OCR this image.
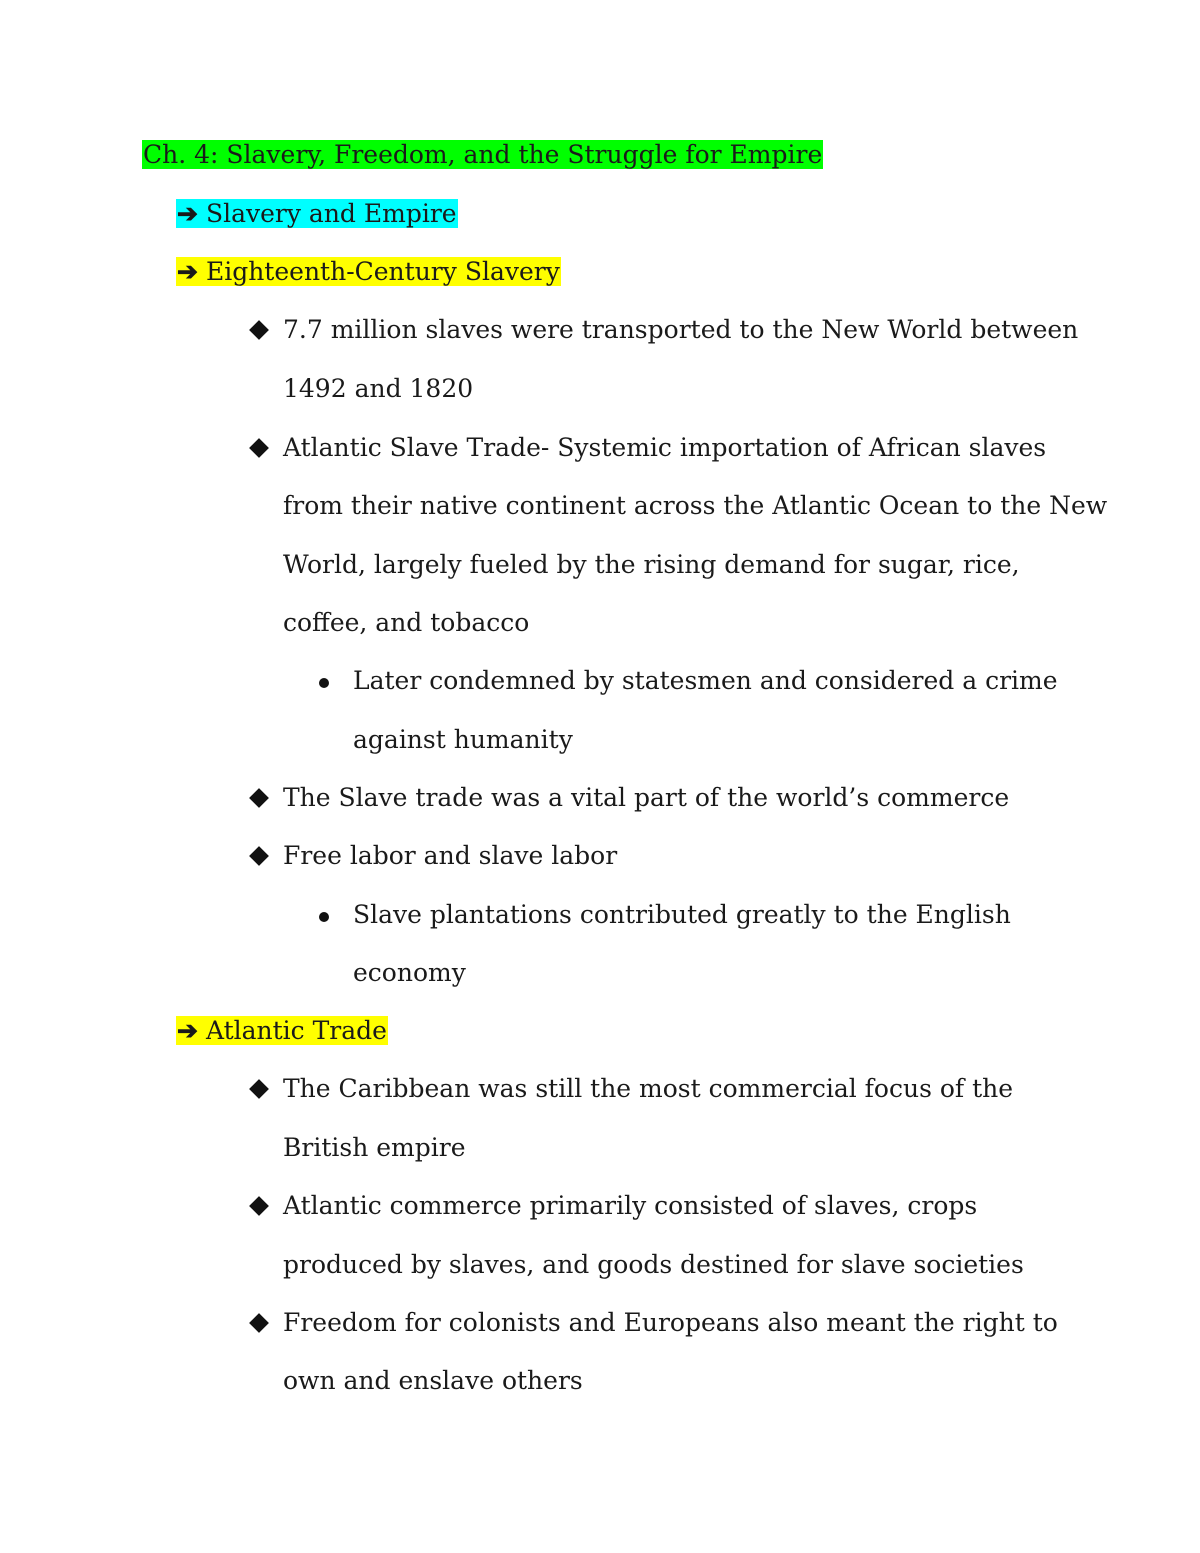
Ch. 4: Slavery, Freedom, and the Struggle for Empire
➔ Slavery and Empire
➔ Eighteenth-Century Slavery
7.7 million slaves were transported to the New World between
1492 and 1820
Atlantic Slave Trade- Systemic importation of African slaves
from their native continent across the Atlantic Ocean to the New
World, largely fueled by the rising demand for sugar, rice,
coffee, and tobacco
Later condemned by statesmen and considered a crime
against humanity
The Slave trade was a vital part of the world’s commerce
Free labor and slave labor
Slave plantations contributed greatly to the English
economy
➔ Atlantic Trade
The Caribbean was still the most commercial focus of the
British empire
Atlantic commerce primarily consisted of slaves, crops
produced by slaves, and goods destined for slave societies
Freedom for colonists and Europeans also meant the right to
own and enslave others
